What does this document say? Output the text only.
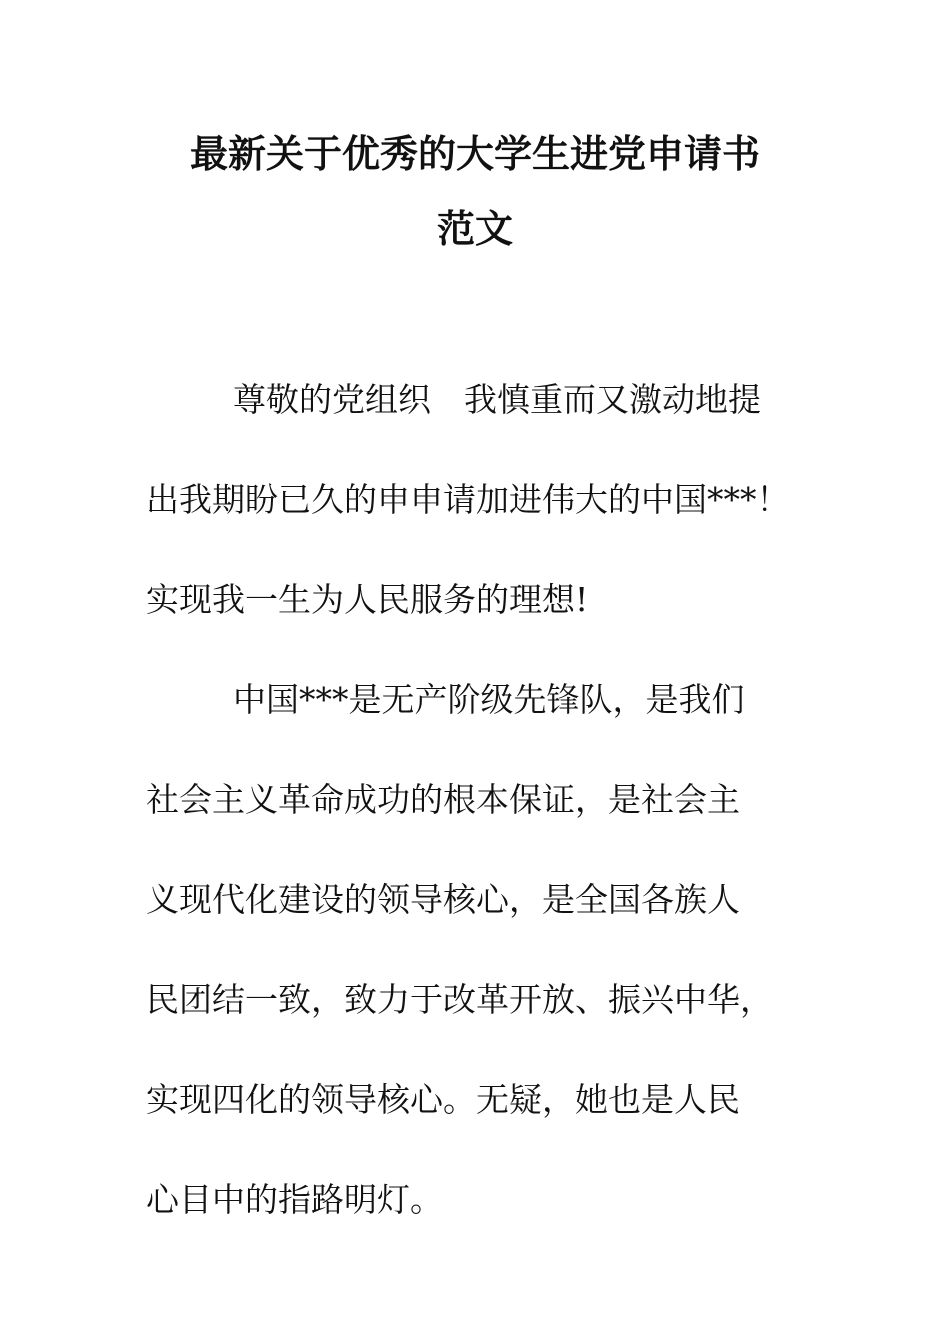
最新关于优秀的大学生进党申请书
范文
尊敬的党组织　我慎重而又激动地提
出我期盼已久的申申请加进伟大的中国***！
实现我一生为人民服务的理想!
中国***是无产阶级先锋队，是我们
社会主义革命成功的根本保证，是社会主
义现代化建设的领导核心，是全国各族人
民团结一致，致力于改革开放、振兴中华，
实现四化的领导核心。无疑，她也是人民
心目中的指路明灯。
